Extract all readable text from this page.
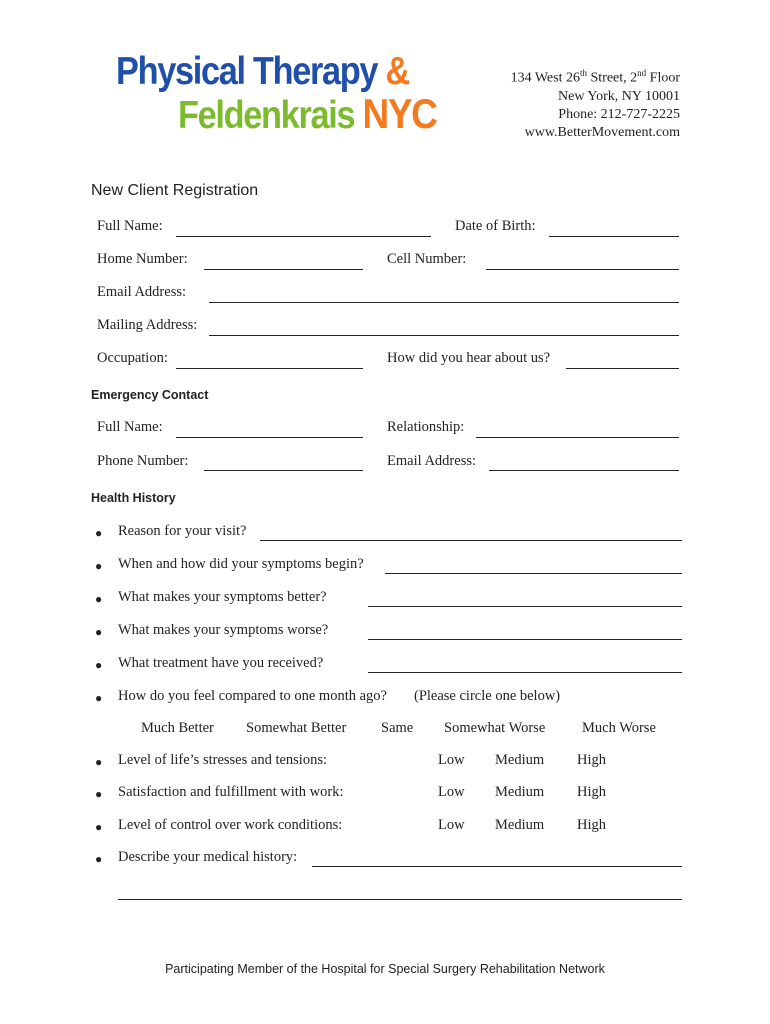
Physical Therapy &
Feldenkrais NYC
134 West 26th Street, 2nd Floor
New York, NY 10001
Phone: 212-727-2225
www.BetterMovement.com
New Client Registration
Full Name:	Date of Birth:
Home Number:	Cell Number:
Email Address:
Mailing Address:
Occupation:	How did you hear about us?
Emergency Contact
Full Name:	Relationship:
Phone Number:	Email Address:
Health History
● Reason for your visit?
● When and how did your symptoms begin?
● What makes your symptoms better?
● What makes your symptoms worse?
● What treatment have you received?
● How do you feel compared to one month ago? (Please circle one below)
Much Better Somewhat Better Same Somewhat Worse	Much Worse
● Level of life’s stresses and tensions:	Low Medium High
● Satisfaction and fulfillment with work:	Low Medium High
● Level of control over work conditions:	Low Medium High
● Describe your medical history:
Participating Member of the Hospital for Special Surgery Rehabilitation Network
